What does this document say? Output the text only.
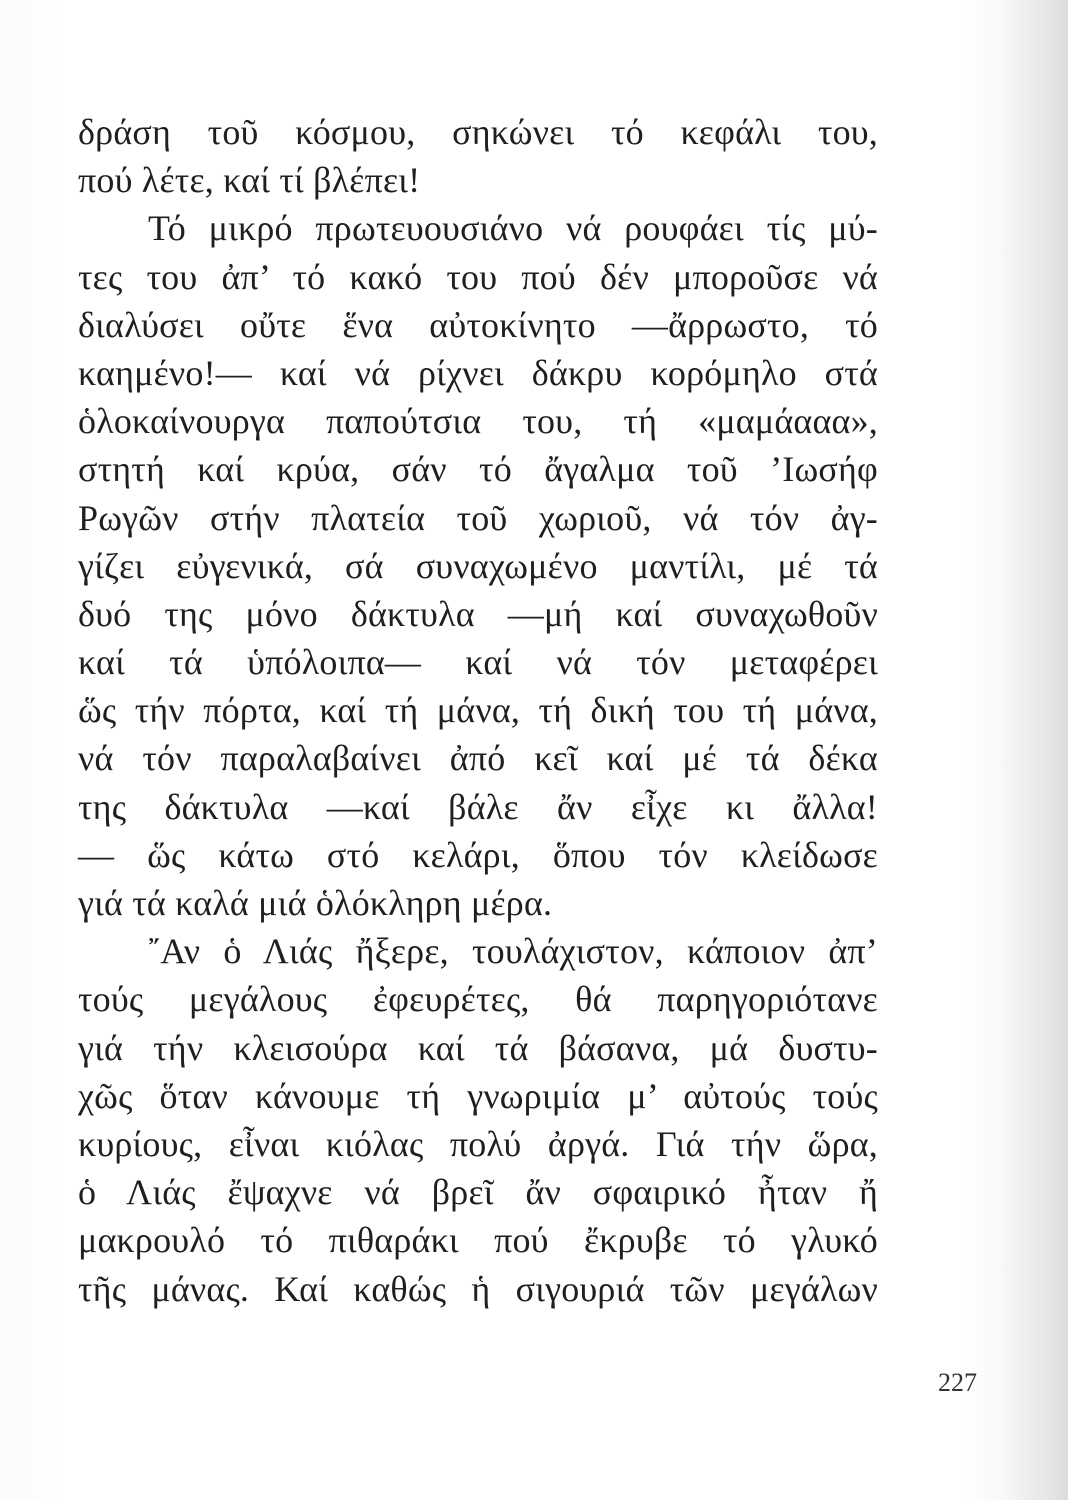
δράση τοῦ κόσμου, σηκώνει τό κεφάλι του,
πού λέτε, καί τί βλέπει!
Τό μικρό πρωτευουσιάνο νά ρουφάει τίς μύ-
τες του ἀπ’ τό κακό του πού δέν μποροῦσε νά
διαλύσει οὔτε ἕνα αὐτοκίνητο —ἄρρωστο, τό
καημένο!— καί νά ρίχνει δάκρυ κορόμηλο στά
ὁλοκαίνουργα παπούτσια του, τή «μαμάααα»,
στητή καί κρύα, σάν τό ἄγαλμα τοῦ ’Ιωσήφ
Ρωγῶν στήν πλατεία τοῦ χωριοῦ, νά τόν ἀγ-
γίζει εὐγενικά, σά συναχωμένο μαντίλι, μέ τά
δυό της μόνο δάκτυλα —μή καί συναχωθοῦν
καί τά ὑπόλοιπα— καί νά τόν μεταφέρει
ὥς τήν πόρτα, καί τή μάνα, τή δική του τή μάνα,
νά τόν παραλαβαίνει ἀπό κεῖ καί μέ τά δέκα
της δάκτυλα —καί βάλε ἄν εἶχε κι ἄλλα!
— ὥς κάτω στό κελάρι, ὅπου τόν κλείδωσε
γιά τά καλά μιά ὁλόκληρη μέρα.
῎Αν ὁ Λιάς ἤξερε, τουλάχιστον, κάποιον ἀπ’
τούς μεγάλους ἐφευρέτες, θά παρηγοριότανε
γιά τήν κλεισούρα καί τά βάσανα, μά δυστυ-
χῶς ὅταν κάνουμε τή γνωριμία μ’ αὐτούς τούς
κυρίους, εἶναι κιόλας πολύ ἀργά. Γιά τήν ὥρα,
ὁ Λιάς ἔψαχνε νά βρεῖ ἄν σφαιρικό ἦταν ἤ
μακρουλό τό πιθαράκι πού ἔκρυβε τό γλυκό
τῆς μάνας. Καί καθώς ἡ σιγουριά τῶν μεγάλων
227
